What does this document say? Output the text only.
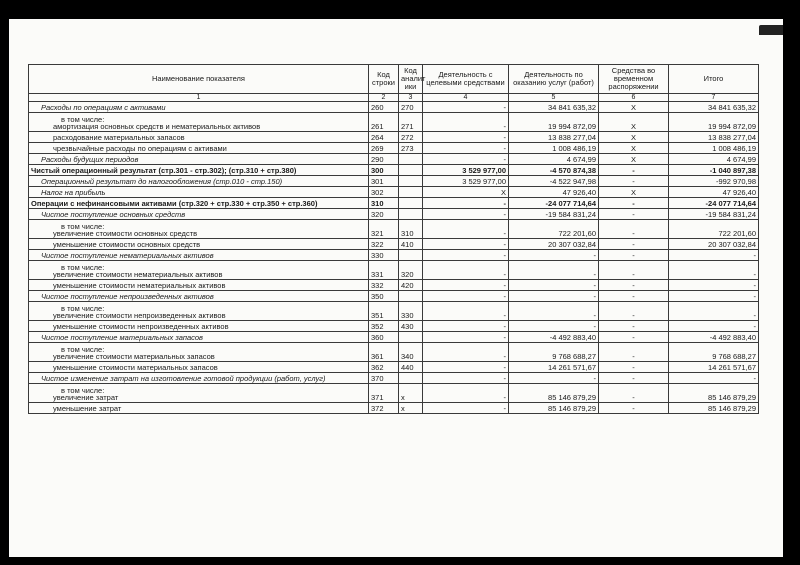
Наименование показателя	Код строки	Код аналит ики	Деятельность с целевыми средствами	Деятельность по оказанию услуг (работ)	Средства во временном распоряжении	Итого
1	2	3	4	5	6	7

Расходы по операциям с активами	260	270	-	34 841 635,32	X	34 841 635,32

в том числе:
амортизация основных средств и нематериальных активов	261	271	-	19 994 872,09	X	19 994 872,09

расходование материальных запасов	264	272	-	13 838 277,04	X	13 838 277,04

чрезвычайные расходы по операциям с активами	269	273	-	1 008 486,19	X	1 008 486,19

Расходы будущих периодов	290		-	4 674,99	X	4 674,99

Чистый операционный результат (стр.301 - стр.302); (стр.310 + стр.380)	300		3 529 977,00	-4 570 874,38	-	-1 040 897,38

Операционный результат до налогообложения (стр.010 - стр.150)	301		3 529 977,00	-4 522 947,98	-	-992 970,98

Налог на прибыль	302		X	47 926,40	X	47 926,40

Операции с нефинансовыми активами (стр.320 + стр.330 + стр.350 + стр.360)	310		-	-24 077 714,64	-	-24 077 714,64

Чистое поступление основных средств	320		-	-19 584 831,24	-	-19 584 831,24

в том числе:
увеличение стоимости основных средств	321	310	-	722 201,60	-	722 201,60

уменьшение стоимости основных средств	322	410	-	20 307 032,84	-	20 307 032,84

Чистое поступление нематериальных активов	330		-	-	-	-

в том числе:
увеличение стоимости нематериальных активов	331	320	-	-	-	-

уменьшение стоимости нематериальных активов	332	420	-	-	-	-

Чистое поступление непроизведенных активов	350		-	-	-	-

в том числе:
увеличение стоимости непроизведенных активов	351	330	-	-	-	-

уменьшение стоимости непроизведенных активов	352	430	-	-	-	-

Чистое поступление материальных запасов	360		-	-4 492 883,40	-	-4 492 883,40

в том числе:
увеличение стоимости материальных запасов	361	340	-	9 768 688,27	-	9 768 688,27

уменьшение стоимости материальных запасов	362	440	-	14 261 571,67	-	14 261 571,67

Чистое изменение затрат на изготовление готовой продукции (работ, услуг)	370		-	-	-	-

в том числе:
увеличение затрат	371	x	-	85 146 879,29	-	85 146 879,29

уменьшение затрат	372	x	-	85 146 879,29	-	85 146 879,29
